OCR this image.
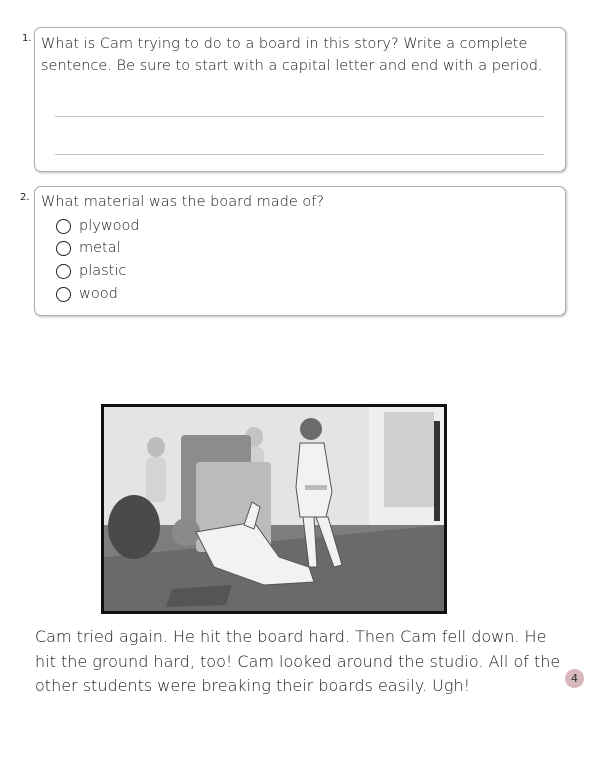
1. What is Cam trying to do to a board in this story? Write a complete sentence. Be sure to start with a capital letter and end with a period.
2. What material was the board made of?
plywood
metal
plastic
wood
Cam tried again. He hit the board hard. Then Cam fell down. He hit the ground hard, too! Cam looked around the studio. All of the other students were breaking their boards easily. Ugh!	4
